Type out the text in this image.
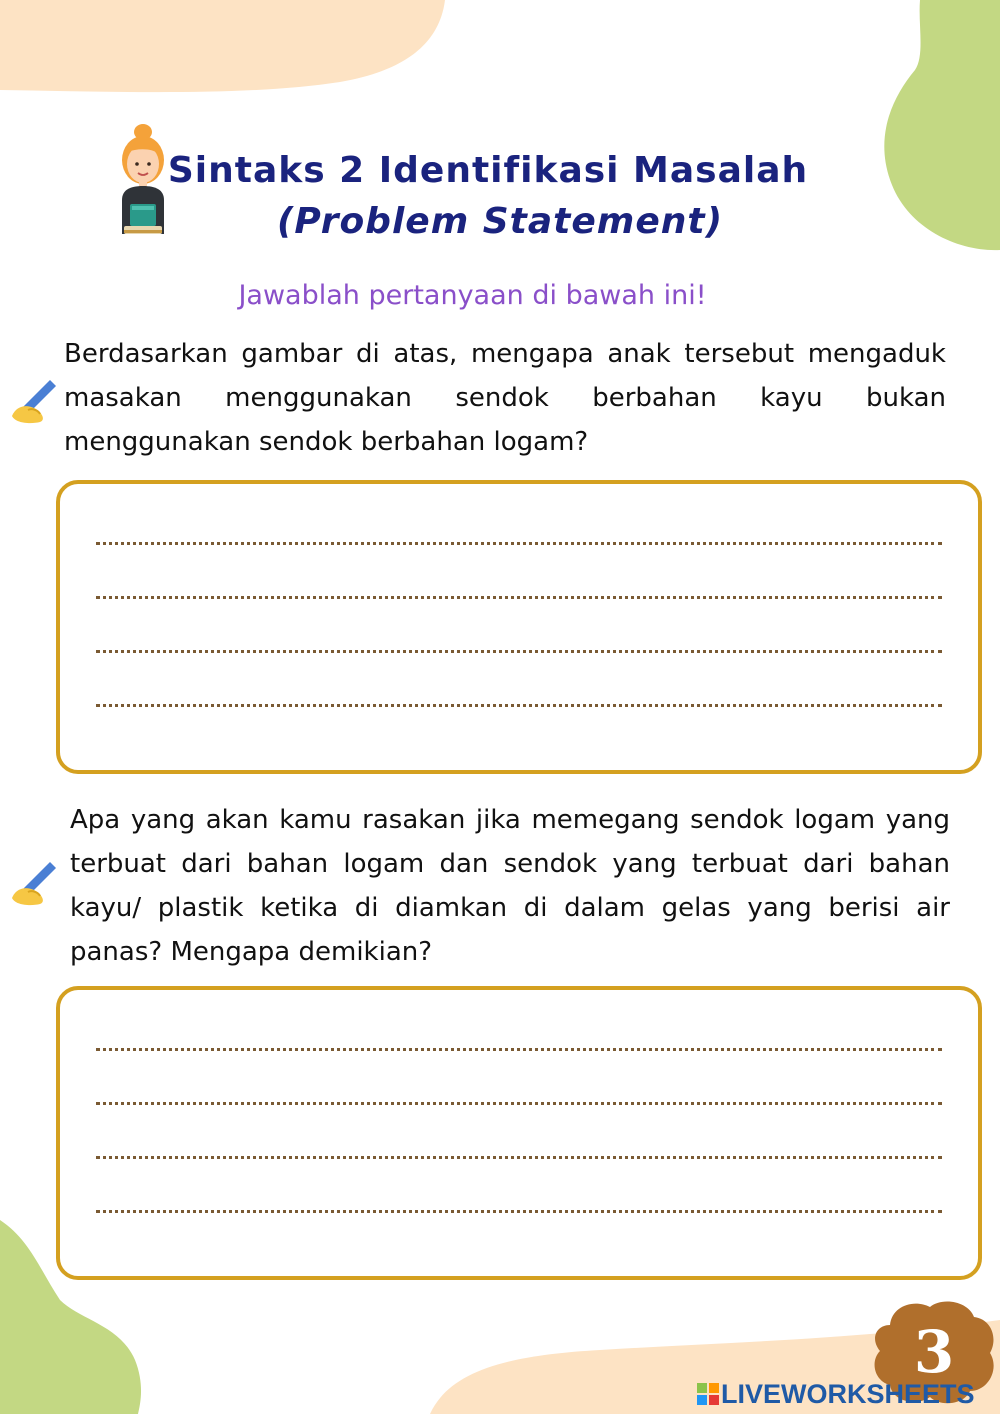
Sintaks 2 Identifikasi Masalah
(Problem Statement)
Jawablah pertanyaan di bawah ini!
Berdasarkan gambar di atas, mengapa anak tersebut mengaduk masakan menggunakan sendok berbahan kayu bukan menggunakan sendok berbahan logam?
Apa yang akan kamu rasakan jika memegang sendok logam yang terbuat dari bahan logam dan sendok yang terbuat dari bahan kayu/ plastik ketika di diamkan di dalam gelas yang berisi air panas? Mengapa demikian?
3
LIVEWORKSHEETS
